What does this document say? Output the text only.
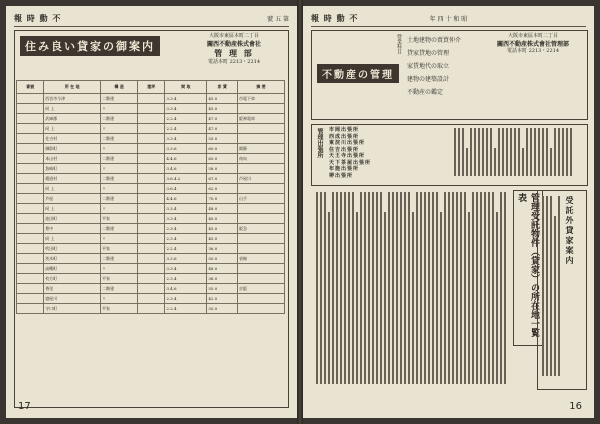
報 時 動 不	號 五 第
住み良い貸家の御案内
大阪市東區本町二丁目
關西不動産株式會社
管 理 部
電話本町 2213・2214
番號	所 在 地	構 造	建坪	間 取	家 賃	摘 要
	西宮市今津	二階建		3.3.4	45.0	市電下車
	同 上	〃		3.3.4	45.0	
	武庫郡	二階建		2.2.4	47.0	阪神電車
	同 上	〃		2.2.4	47.0	
	住吉村	二階建		3.3.4	55.0	
	御影町	〃		3.3.6	60.0	閑静
	本山村	二階建		4.4.6	65.0	南向
	魚崎町	〃		3.4.6	58.0	
	精道村	二階建		3.6.4.2	67.0	芦屋川
	同 上	〃		3.6.4	62.0	
	芦屋	二階建		4.4.6	70.0	山手
	同 上	〃		3.3.4	48.0	
	池田町	平家		3.3.4	40.0	
	豊中	二階建		2.3.4	45.0	阪急
	同 上	〃		2.3.4	45.0	
	吹田町	平家		2.2.4	36.0	
	茨木町	二階建		3.3.6	50.0	省線
	高槻町	〃		3.3.4	48.0	
	枚方町	平家		2.3.4	38.0	
	香里	二階建		3.4.6	55.0	京阪
	寝屋川	〃		2.3.4	42.0	
	守口町	平家		2.2.4	35.0	
17
報 時 動 不	年 四 十 和 昭
不動産の管理
營業科目 土地建物の賣買仲介
貸家貸地の管理
家賃地代の取立
建物の建築設計
不動産の鑑定
大阪市東區本町二丁目
關西不動産株式會社管理部
電話本町 2213・2214
管理出張所 市岡出張所
西成出張所
東淀川出張所
住吉出張所
天王寺出張所
天下茶屋出張所
布施出張所
堺出張所
管理受託物件（貸家）の所在地一覧表	受託外貸家案内
16
